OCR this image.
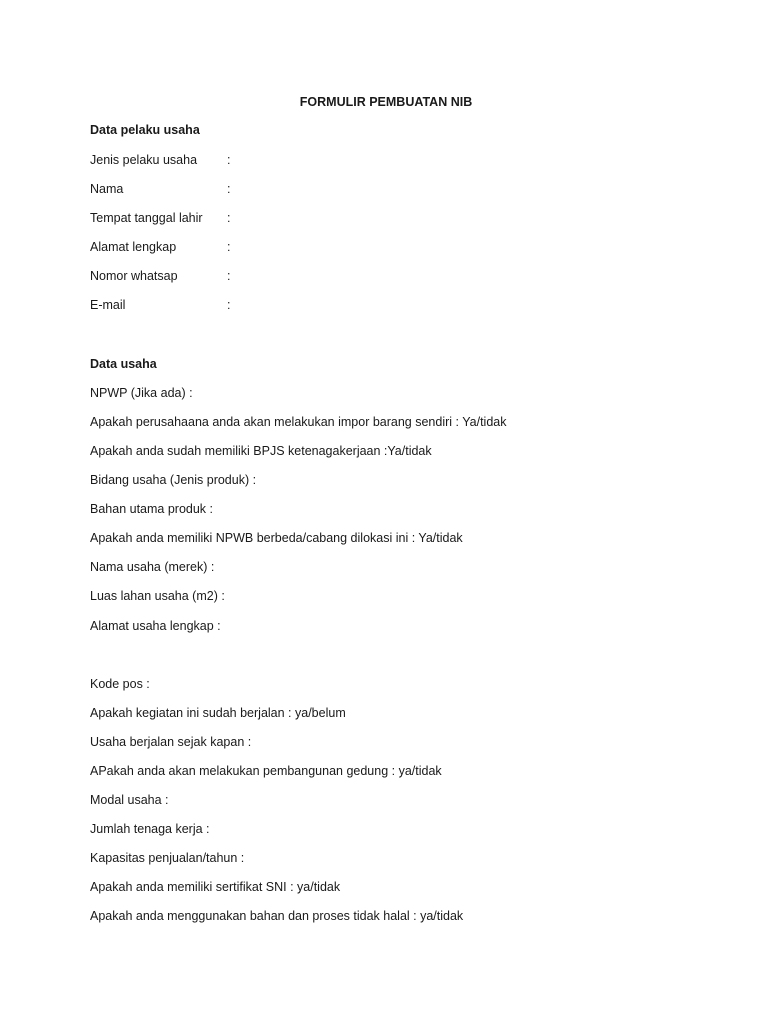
FORMULIR PEMBUATAN NIB
Data pelaku usaha
Jenis pelaku usaha :
Nama	:
Tempat tanggal lahir :
Alamat lengkap	:
Nomor whatsap	:
E-mail	:
Data usaha
NPWP (Jika ada) :
Apakah perusahaana anda akan melakukan impor barang sendiri : Ya/tidak
Apakah anda sudah memiliki BPJS ketenagakerjaan :Ya/tidak
Bidang usaha (Jenis produk) :
Bahan utama produk :
Apakah anda memiliki NPWB berbeda/cabang dilokasi ini : Ya/tidak
Nama usaha (merek) :
Luas lahan usaha (m2) :
Alamat usaha lengkap :
Kode pos :
Apakah kegiatan ini sudah berjalan : ya/belum
Usaha berjalan sejak kapan :
APakah anda akan melakukan pembangunan gedung : ya/tidak
Modal usaha :
Jumlah tenaga kerja :
Kapasitas penjualan/tahun :
Apakah anda memiliki sertifikat SNI : ya/tidak
Apakah anda menggunakan bahan dan proses tidak halal : ya/tidak
